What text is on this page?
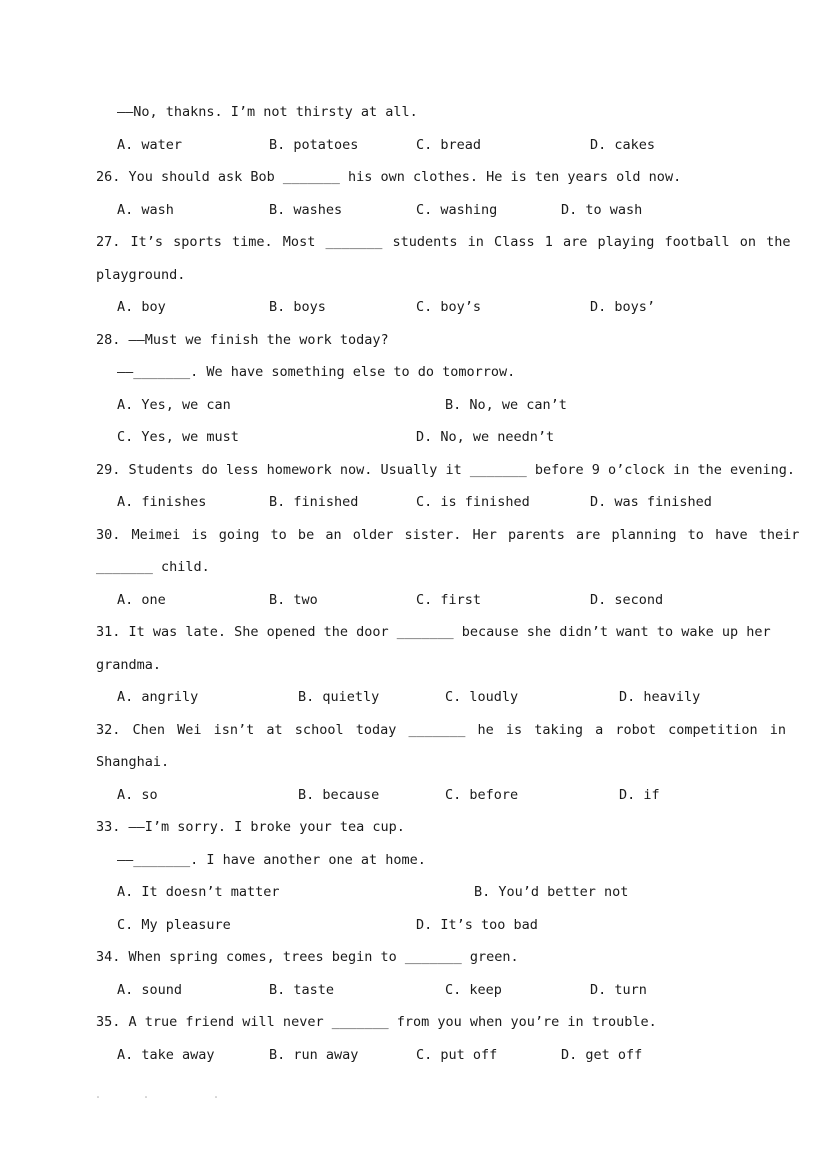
——No, thakns. I’m not thirsty at all.
A. water	B. potatoes	C. bread	D. cakes
26. You should ask Bob _______ his own clothes. He is ten years old now.
A. wash	B. washes	C. washing	D. to wash
27. It’s sports time. Most _______ students in Class 1 are playing football on the
playground.
A. boy	B. boys	C. boy’s	D. boys’
28. ——Must we finish the work today?
——_______. We have something else to do tomorrow.
A. Yes, we can	B. No, we can’t
C. Yes, we must	D. No, we needn’t
29. Students do less homework now. Usually it _______ before 9 o’clock in the evening.
A. finishes	B. finished	C. is finished	D. was finished
30. Meimei is going to be an older sister. Her parents are planning to have their
_______ child.
A. one	B. two	C. first	D. second
31. It was late. She opened the door _______ because she didn’t want to wake up her
grandma.
A. angrily	B. quietly	C. loudly	D. heavily
32. Chen Wei isn’t at school today _______ he is taking a robot competition in
Shanghai.
A. so	B. because	C. before	D. if
33. ——I’m sorry. I broke your tea cup.
——_______. I have another one at home.
A. It doesn’t matter	B. You’d better not
C. My pleasure	D. It’s too bad
34. When spring comes, trees begin to _______ green.
A. sound	B. taste	C. keep	D. turn
35. A true friend will never _______ from you when you’re in trouble.
A. take away	B. run away	C. put off	D. get off
